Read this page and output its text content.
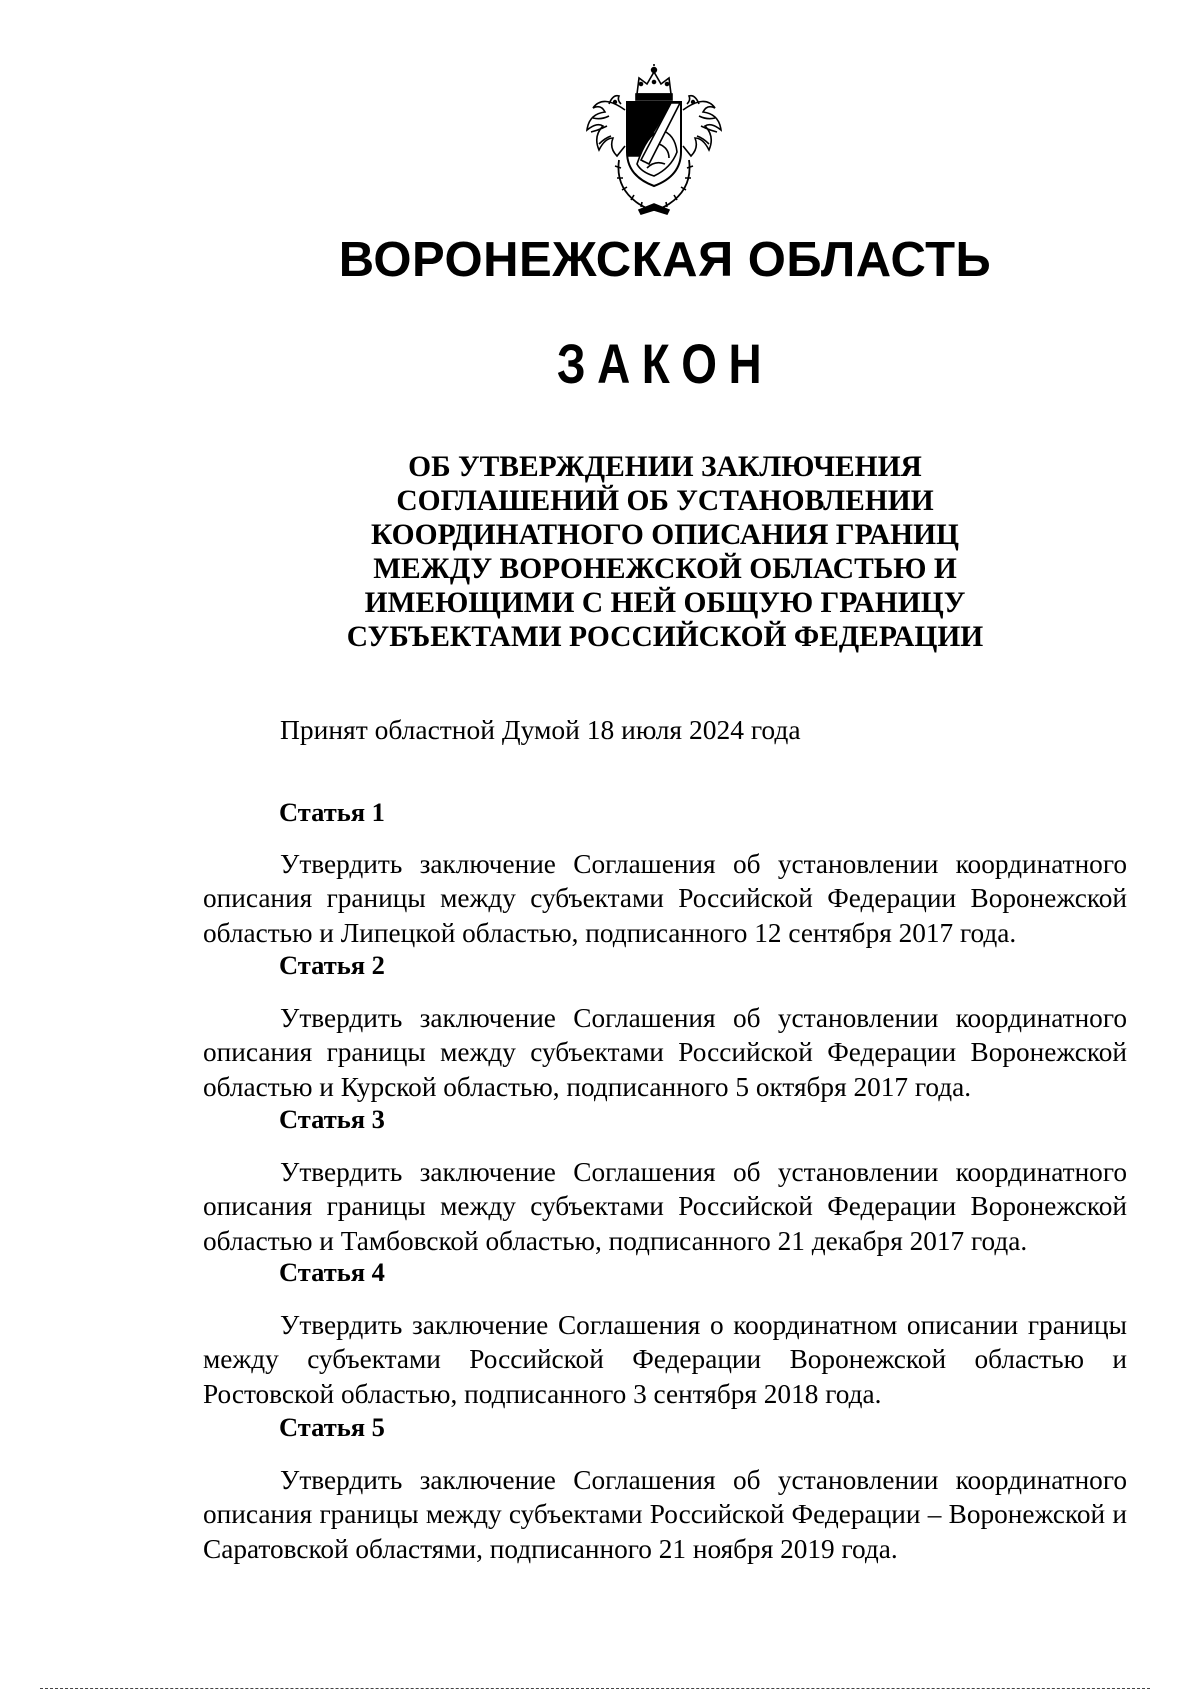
ВОРОНЕЖСКАЯ ОБЛАСТЬ
ЗАКОН
ОБ УТВЕРЖДЕНИИ ЗАКЛЮЧЕНИЯ
СОГЛАШЕНИЙ ОБ УСТАНОВЛЕНИИ
КООРДИНАТНОГО ОПИСАНИЯ ГРАНИЦ
МЕЖДУ ВОРОНЕЖСКОЙ ОБЛАСТЬЮ И
ИМЕЮЩИМИ С НЕЙ ОБЩУЮ ГРАНИЦУ
СУБЪЕКТАМИ РОССИЙСКОЙ ФЕДЕРАЦИИ
Принят областной Думой 18 июля 2024 года
Статья 1
Утвердить заключение Соглашения об установлении координатного описания границы между субъектами Российской Федерации Воронежской областью и Липецкой областью, подписанного 12 сентября 2017 года.
Статья 2
Утвердить заключение Соглашения об установлении координатного описания границы между субъектами Российской Федерации Воронежской областью и Курской областью, подписанного 5 октября 2017 года.
Статья 3
Утвердить заключение Соглашения об установлении координатного описания границы между субъектами Российской Федерации Воронежской областью и Тамбовской областью, подписанного 21 декабря 2017 года.
Статья 4
Утвердить заключение Соглашения о координатном описании границы между субъектами Российской Федерации Воронежской областью и Ростовской областью, подписанного 3 сентября 2018 года.
Статья 5
Утвердить заключение Соглашения об установлении координатного описания границы между субъектами Российской Федерации – Воронежской и Саратовской областями, подписанного 21 ноября 2019 года.
